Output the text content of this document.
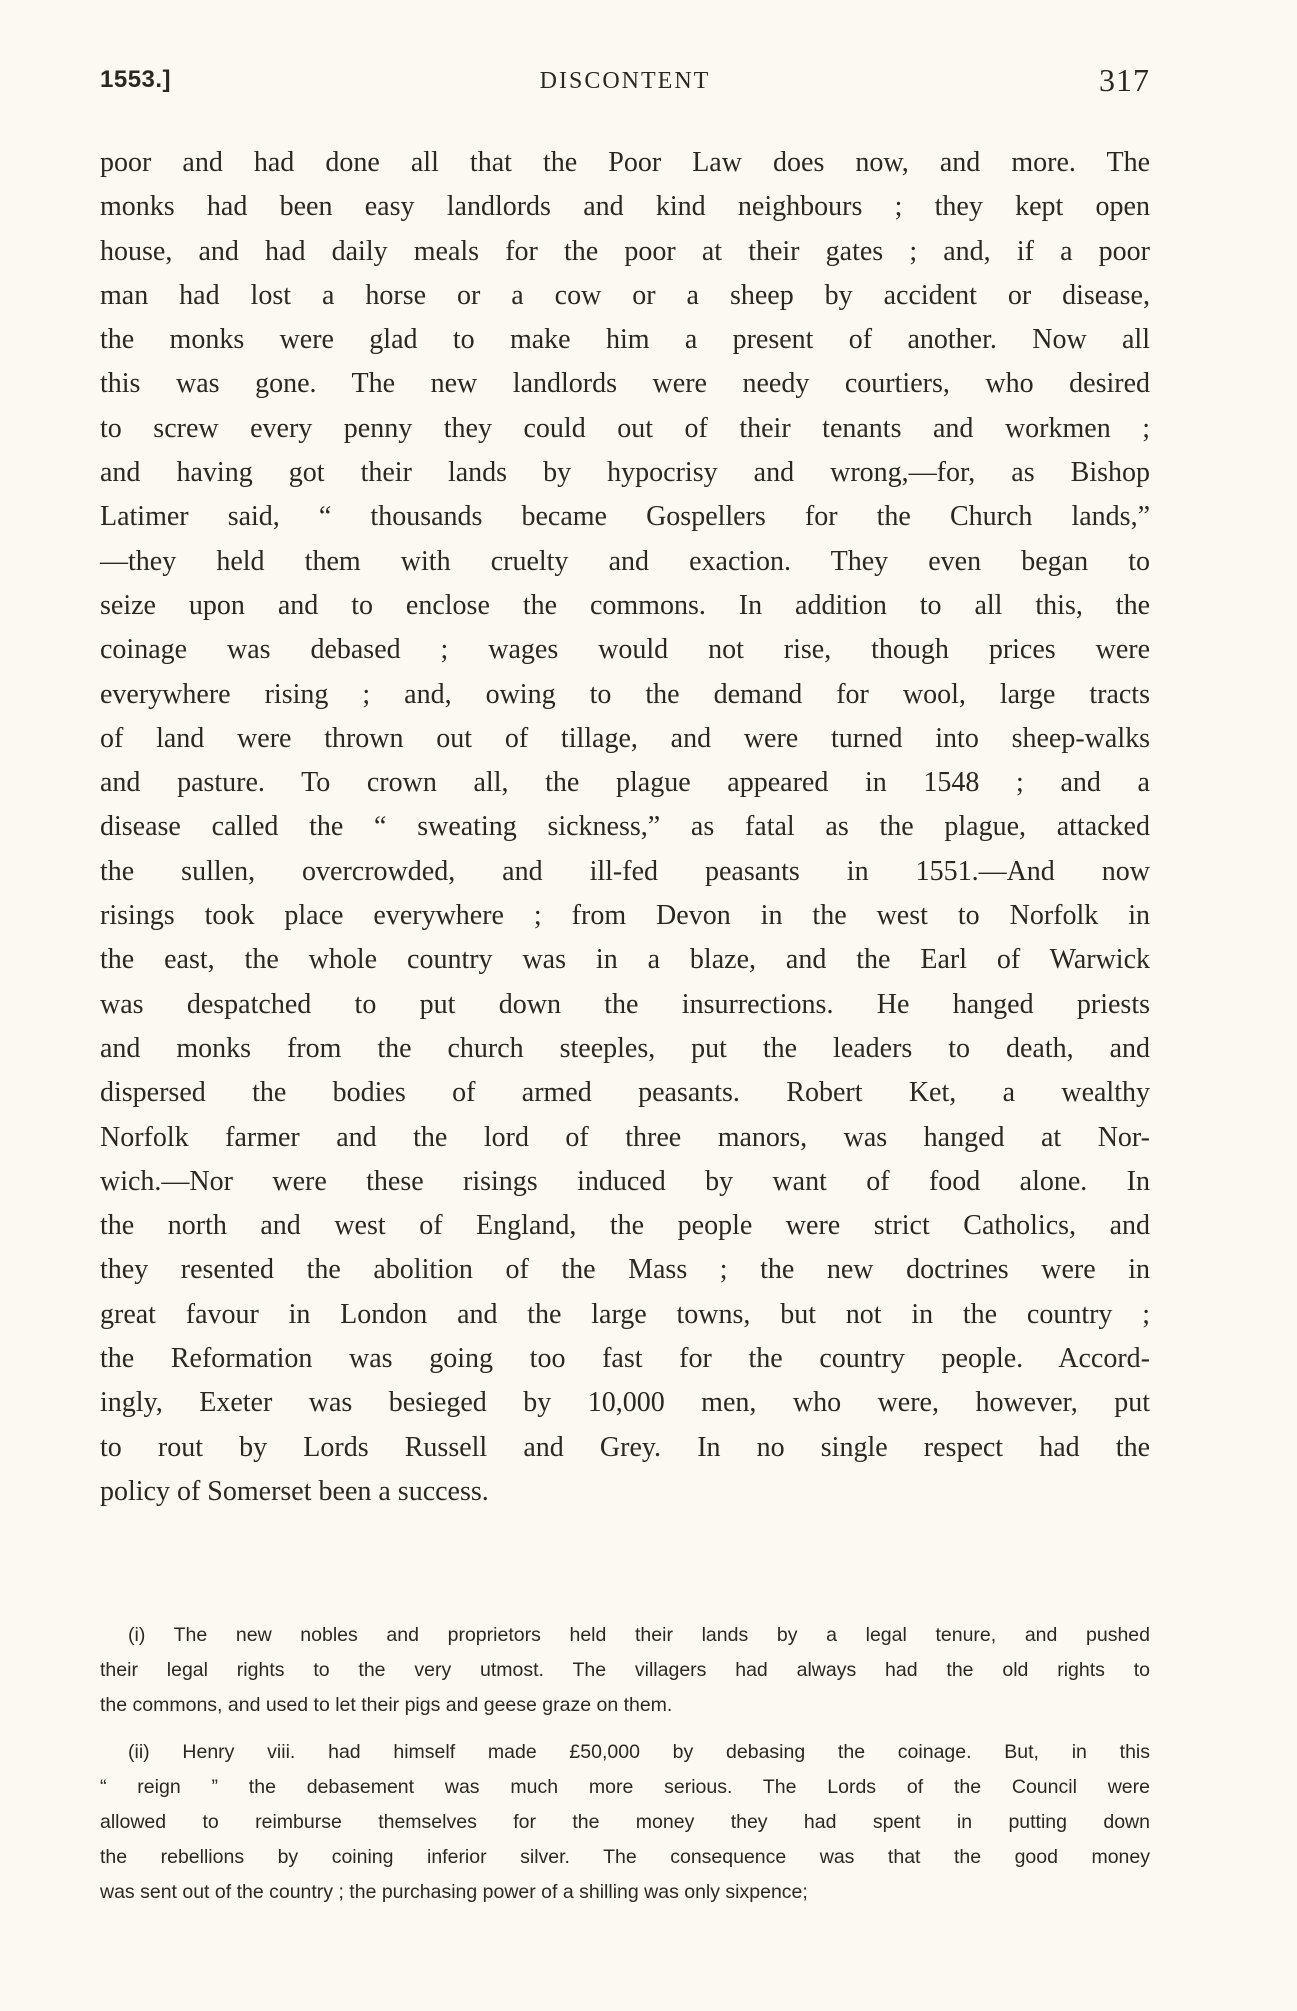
1553.]	DISCONTENT	317
poor and had done all that the Poor Law does now, and more. The
monks had been easy landlords and kind neighbours ; they kept open
house, and had daily meals for the poor at their gates ; and, if a poor
man had lost a horse or a cow or a sheep by accident or disease,
the monks were glad to make him a present of another. Now all
this was gone. The new landlords were needy courtiers, who desired
to screw every penny they could out of their tenants and workmen ;
and having got their lands by hypocrisy and wrong,—for, as Bishop
Latimer said, “ thousands became Gospellers for the Church lands,”
—they held them with cruelty and exaction. They even began to
seize upon and to enclose the commons. In addition to all this, the
coinage was debased ; wages would not rise, though prices were
everywhere rising ; and, owing to the demand for wool, large tracts
of land were thrown out of tillage, and were turned into sheep-walks
and pasture. To crown all, the plague appeared in 1548 ; and a
disease called the “ sweating sickness,” as fatal as the plague, attacked
the sullen, overcrowded, and ill-fed peasants in 1551.—And now
risings took place everywhere ; from Devon in the west to Norfolk in
the east, the whole country was in a blaze, and the Earl of Warwick
was despatched to put down the insurrections. He hanged priests
and monks from the church steeples, put the leaders to death, and
dispersed the bodies of armed peasants. Robert Ket, a wealthy
Norfolk farmer and the lord of three manors, was hanged at Nor-
wich.—Nor were these risings induced by want of food alone. In
the north and west of England, the people were strict Catholics, and
they resented the abolition of the Mass ; the new doctrines were in
great favour in London and the large towns, but not in the country ;
the Reformation was going too fast for the country people. Accord-
ingly, Exeter was besieged by 10,000 men, who were, however, put
to rout by Lords Russell and Grey. In no single respect had the
policy of Somerset been a success.
(i) The new nobles and proprietors held their lands by a legal tenure, and pushed
their legal rights to the very utmost. The villagers had always had the old rights to
the commons, and used to let their pigs and geese graze on them.
(ii) Henry viii. had himself made £50,000 by debasing the coinage. But, in this
“ reign ” the debasement was much more serious. The Lords of the Council were
allowed to reimburse themselves for the money they had spent in putting down
the rebellions by coining inferior silver. The consequence was that the good money
was sent out of the country ; the purchasing power of a shilling was only sixpence;
